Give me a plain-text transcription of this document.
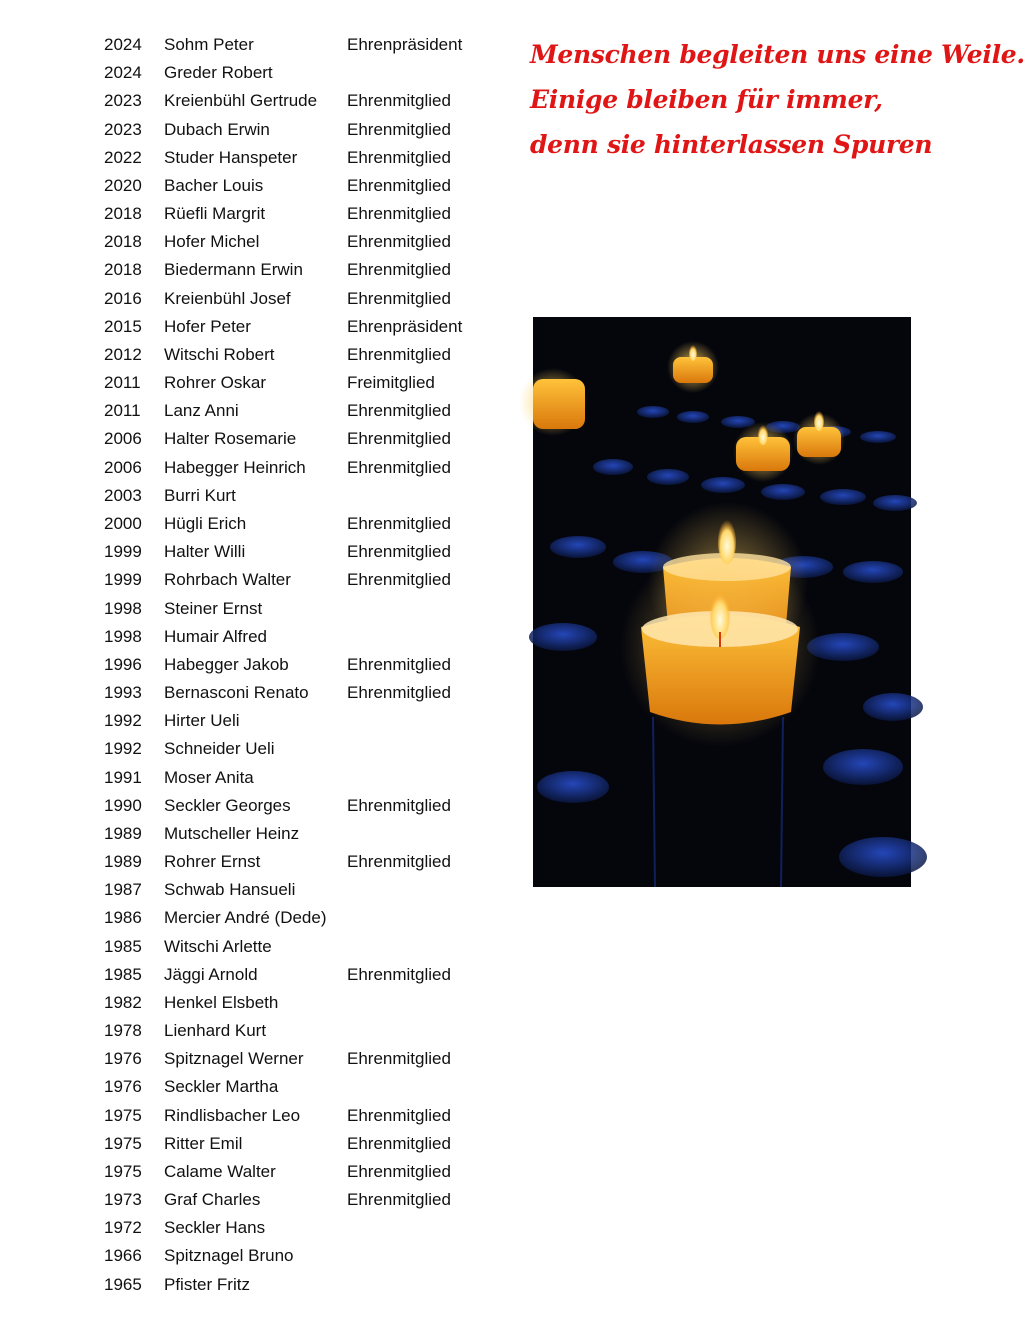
2024	Sohm Peter	Ehrenpräsident
2024	Greder Robert
2023	Kreienbühl Gertrude	Ehrenmitglied
2023	Dubach Erwin	Ehrenmitglied
2022	Studer Hanspeter	Ehrenmitglied
2020	Bacher Louis	Ehrenmitglied
2018	Rüefli Margrit	Ehrenmitglied
2018	Hofer Michel	Ehrenmitglied
2018	Biedermann Erwin	Ehrenmitglied
2016	Kreienbühl Josef	Ehrenmitglied
2015	Hofer Peter	Ehrenpräsident
2012	Witschi Robert	Ehrenmitglied
2011	Rohrer Oskar	Freimitglied
2011	Lanz Anni	Ehrenmitglied
2006	Halter Rosemarie	Ehrenmitglied
2006	Habegger Heinrich	Ehrenmitglied
2003	Burri Kurt
2000	Hügli Erich	Ehrenmitglied
1999	Halter Willi	Ehrenmitglied
1999	Rohrbach Walter	Ehrenmitglied
1998	Steiner Ernst
1998	Humair Alfred
1996	Habegger Jakob	Ehrenmitglied
1993	Bernasconi Renato	Ehrenmitglied
1992	Hirter Ueli
1992	Schneider Ueli
1991	Moser Anita
1990	Seckler Georges	Ehrenmitglied
1989	Mutscheller Heinz
1989	Rohrer Ernst	Ehrenmitglied
1987	Schwab Hansueli
1986	Mercier André (Dede)
1985	Witschi Arlette
1985	Jäggi Arnold	Ehrenmitglied
1982	Henkel Elsbeth
1978	Lienhard Kurt
1976	Spitznagel Werner	Ehrenmitglied
1976	Seckler Martha
1975	Rindlisbacher Leo	Ehrenmitglied
1975	Ritter Emil	Ehrenmitglied
1975	Calame Walter	Ehrenmitglied
1973	Graf Charles	Ehrenmitglied
1972	Seckler Hans
1966	Spitznagel Bruno
1965	Pfister Fritz
Menschen begleiten uns eine Weile.
Einige bleiben für immer,
denn sie hinterlassen Spuren
